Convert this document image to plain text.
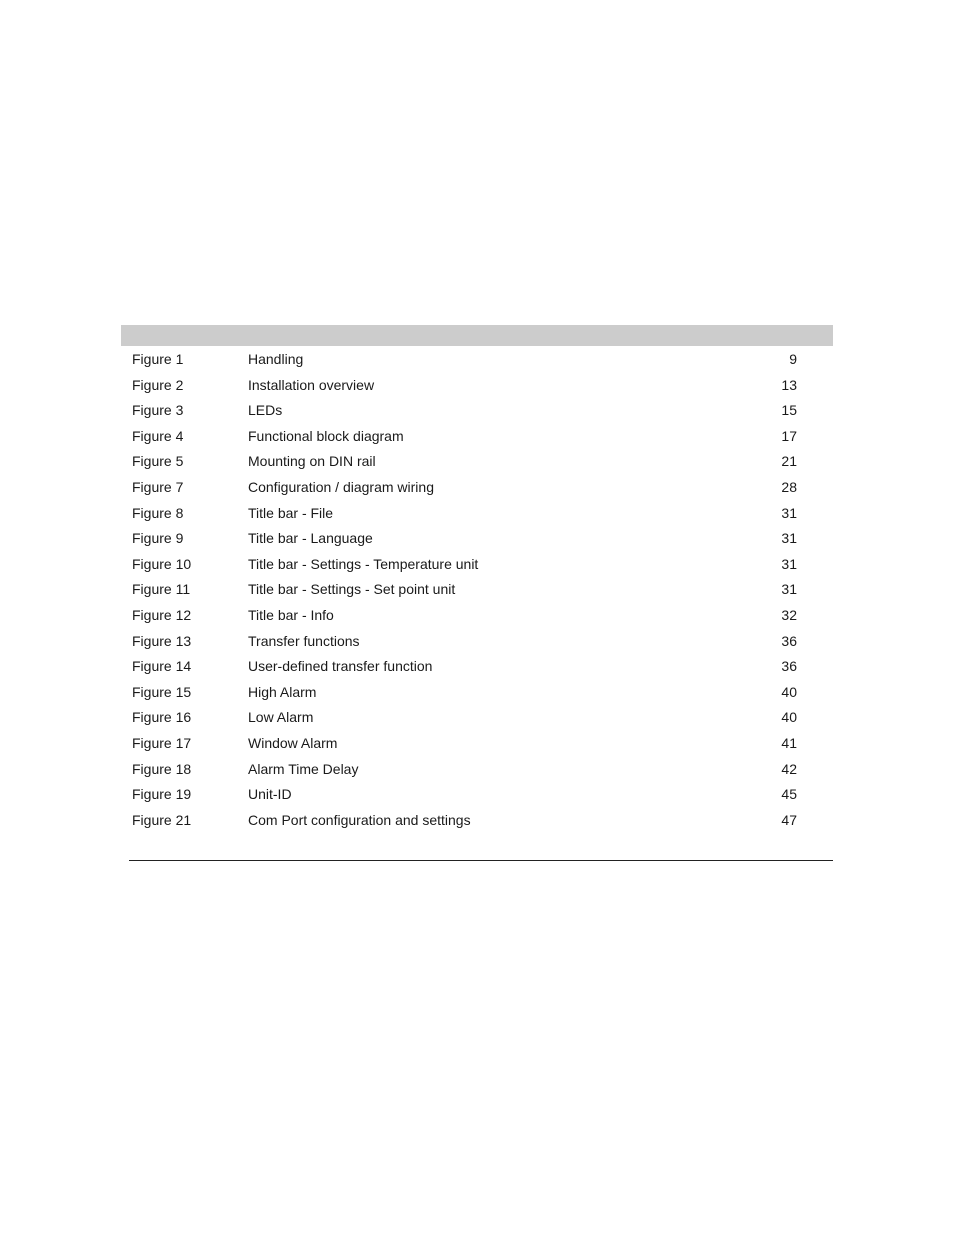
Figure 1	Handling	9
Figure 2	Installation overview	13
Figure 3	LEDs	15
Figure 4	Functional block diagram	17
Figure 5	Mounting on DIN rail	21
Figure 7	Configuration / diagram wiring	28
Figure 8	Title bar - File	31
Figure 9	Title bar - Language	31
Figure 10	Title bar - Settings - Temperature unit	31
Figure 11	Title bar - Settings - Set point unit	31
Figure 12	Title bar - Info	32
Figure 13	Transfer functions	36
Figure 14	User-defined transfer function	36
Figure 15	High Alarm	40
Figure 16	Low Alarm	40
Figure 17	Window Alarm	41
Figure 18	Alarm Time Delay	42
Figure 19	Unit-ID	45
Figure 21	Com Port configuration and settings	47
